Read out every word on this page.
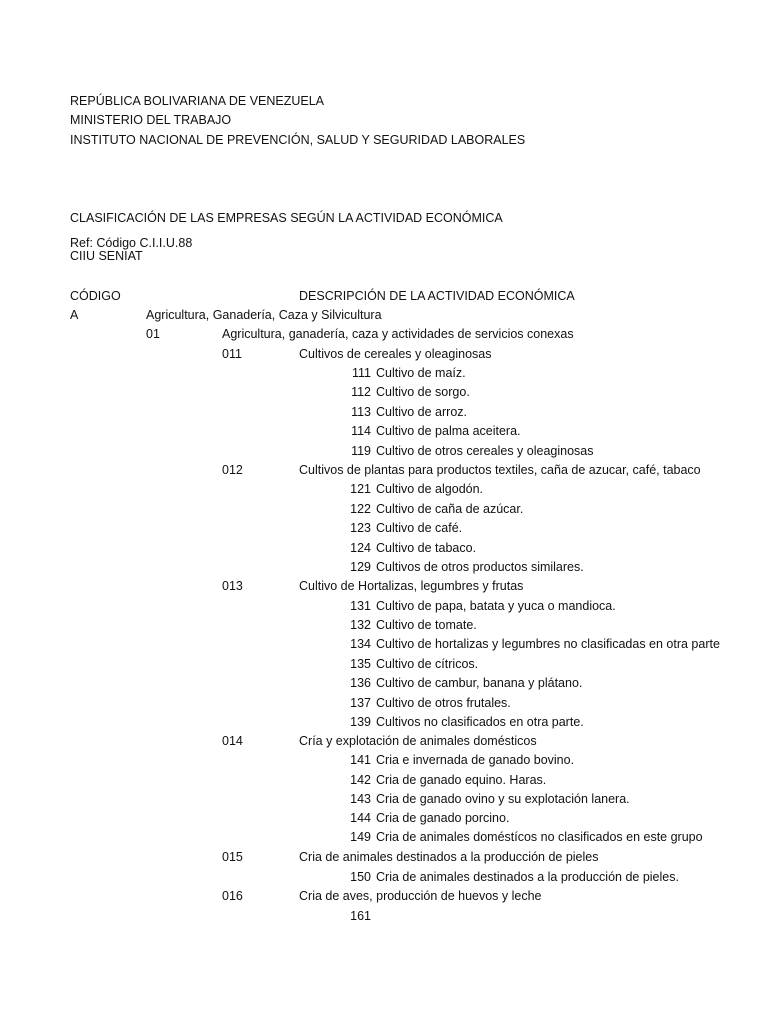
REPÚBLICA BOLIVARIANA DE VENEZUELA
MINISTERIO DEL TRABAJO
INSTITUTO NACIONAL DE PREVENCIÓN, SALUD Y SEGURIDAD LABORALES
CLASIFICACIÓN DE LAS EMPRESAS SEGÚN LA ACTIVIDAD ECONÓMICA
Ref: Código C.I.I.U.88
CIIU SENIAT
CÓDIGO	DESCRIPCIÓN DE LA ACTIVIDAD ECONÓMICA
A	Agricultura, Ganadería, Caza y Silvicultura
01	Agricultura, ganadería, caza y actividades de servicios conexas
011	Cultivos de cereales y oleaginosas
111 Cultivo de maíz.
112 Cultivo de sorgo.
113 Cultivo de arroz.
114 Cultivo de palma aceitera.
119 Cultivo de otros cereales y oleaginosas
012	Cultivos de plantas para productos textiles, caña de azucar, café, tabaco
121 Cultivo de algodón.
122 Cultivo de caña de azúcar.
123 Cultivo de café.
124 Cultivo de tabaco.
129 Cultivos de otros productos similares.
013	Cultivo de Hortalizas, legumbres y frutas
131 Cultivo de papa, batata y yuca o mandioca.
132 Cultivo de tomate.
134 Cultivo de hortalizas y legumbres no clasificadas en otra parte
135 Cultivo de cítricos.
136 Cultivo de cambur, banana y plátano.
137 Cultivo de otros frutales.
139 Cultivos no clasificados en otra parte.
014	Cría y explotación de animales domésticos
141 Cria e invernada de ganado bovino.
142 Cria de ganado equino. Haras.
143 Cria de ganado ovino y su explotación lanera.
144 Cria de ganado porcino.
149 Cria de animales doméstícos no clasificados en este grupo
015	Cria de animales destinados a la producción de pieles
150 Cria de animales destinados a la producción de pieles.
016	Cria de aves, producción de huevos y leche
161
